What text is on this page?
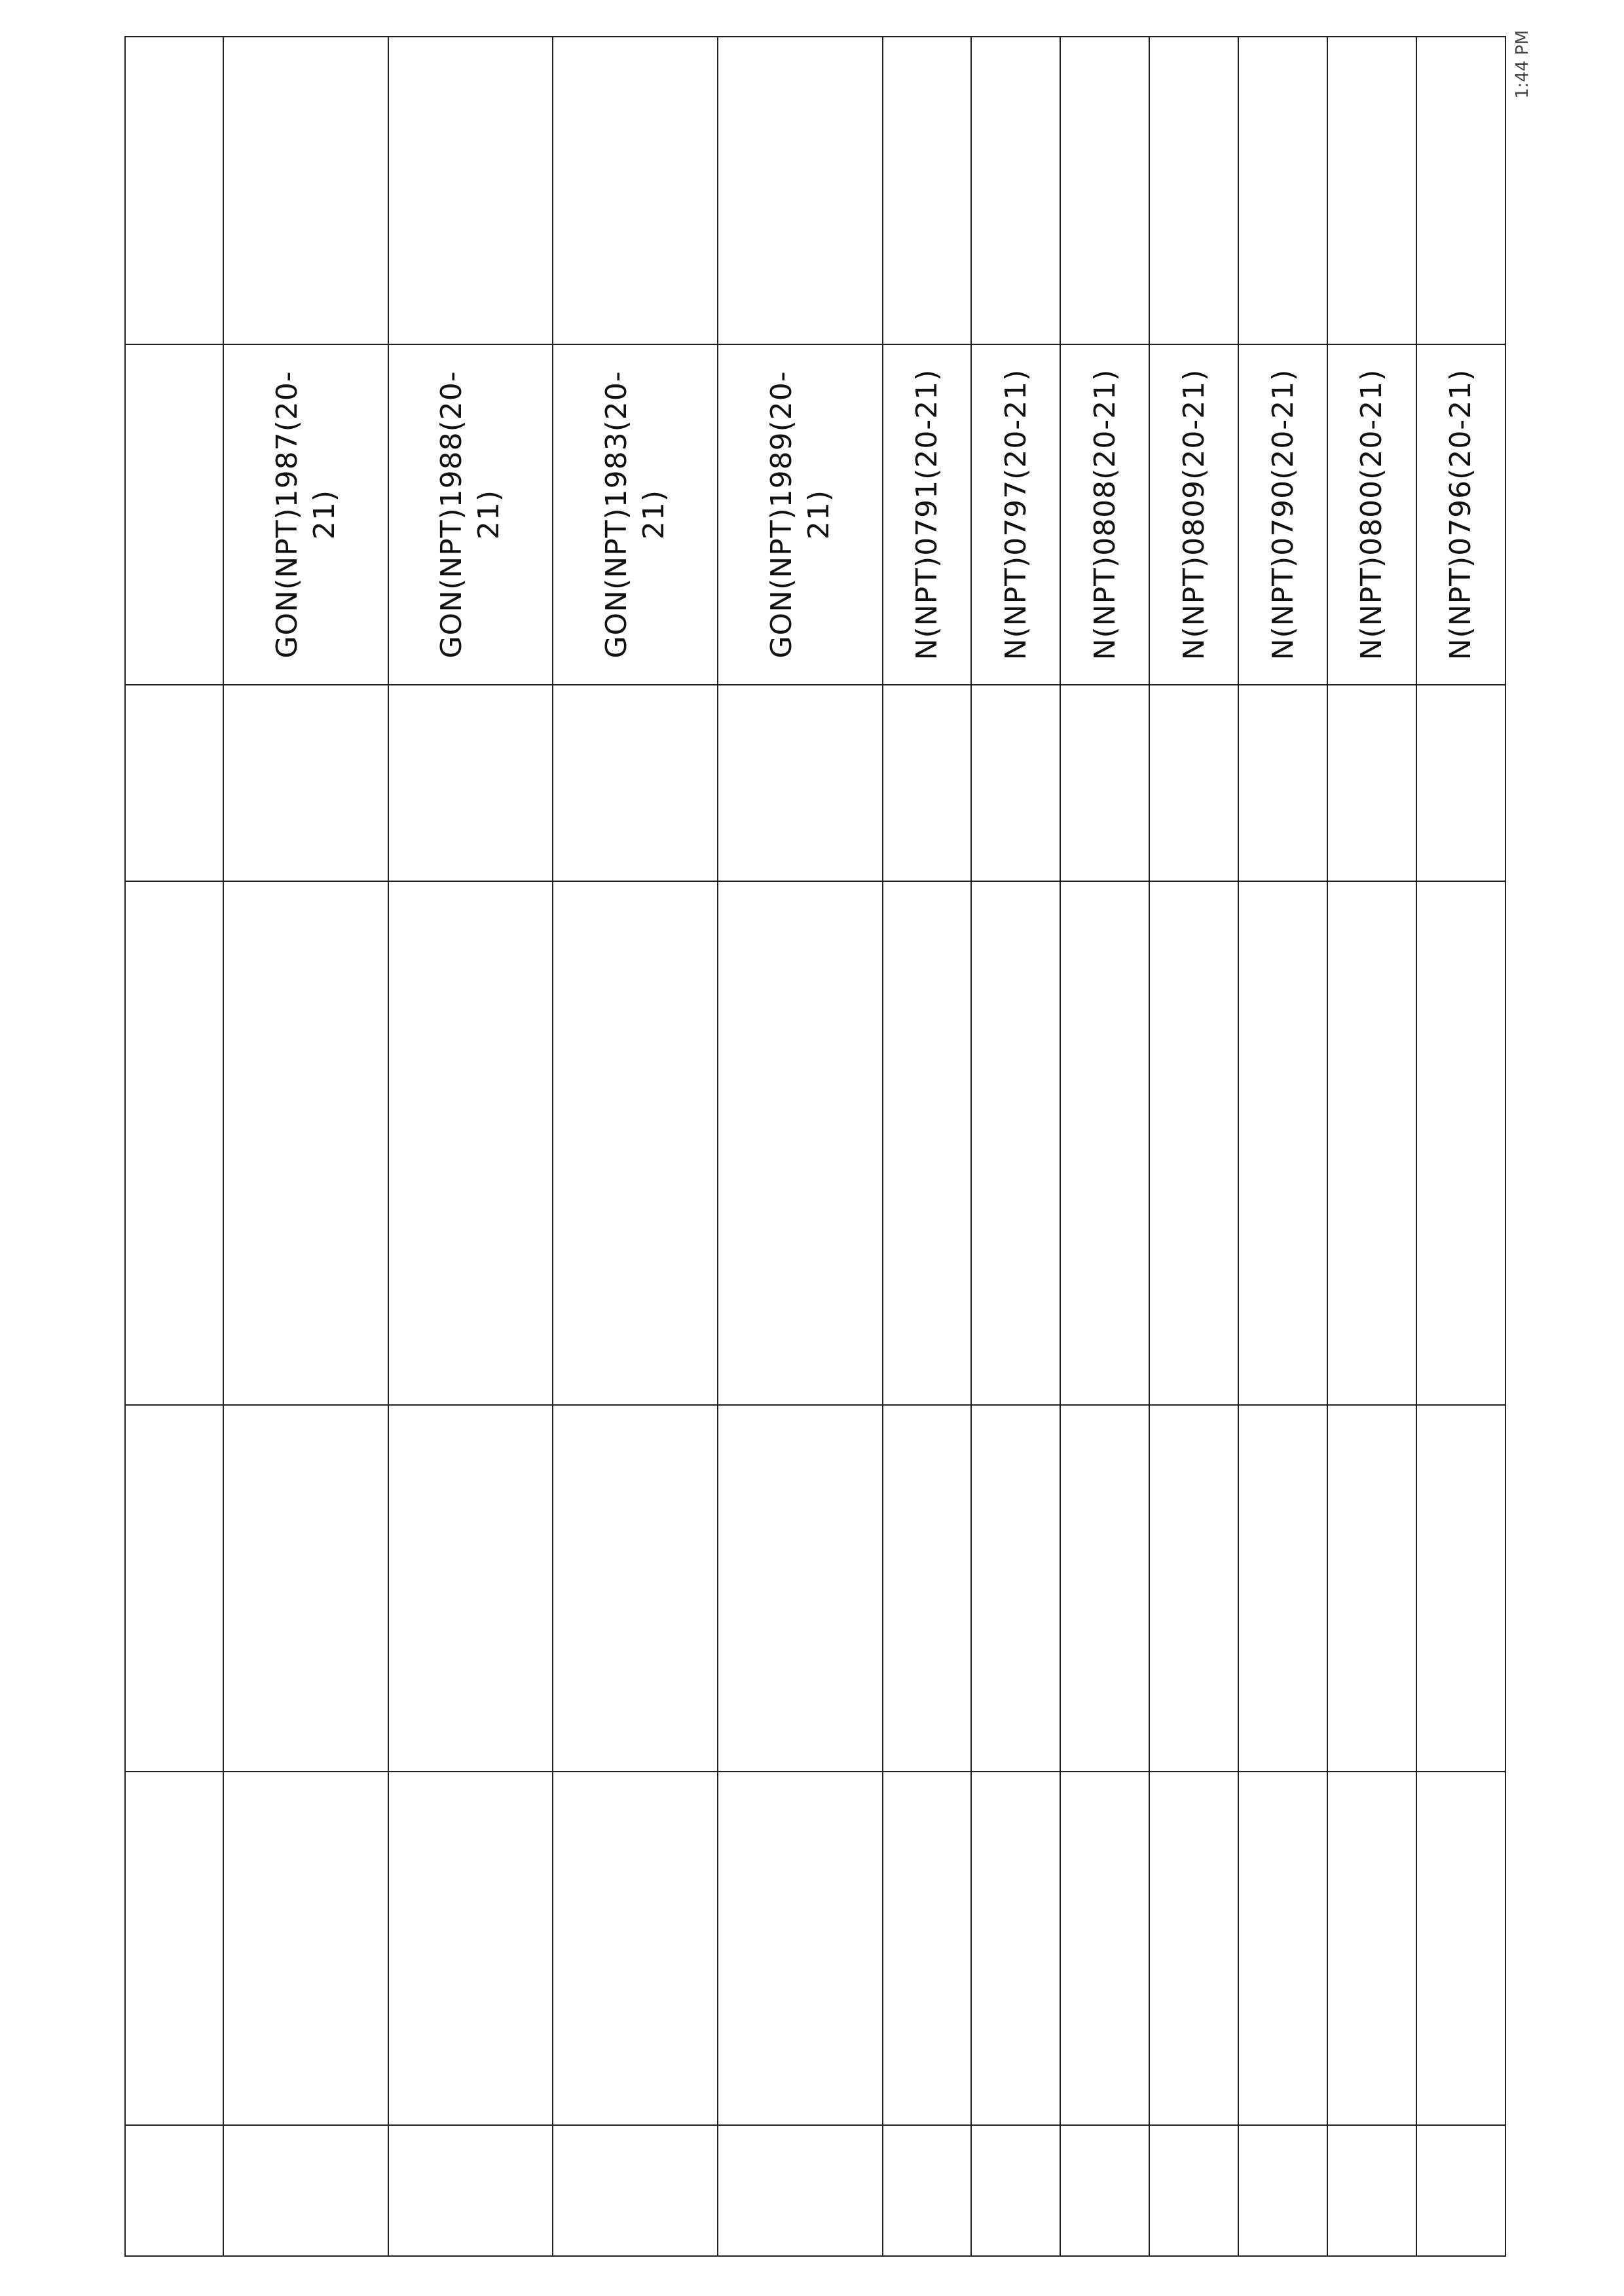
					GON(NPT)1987(20-21)	
					GON(NPT)1988(20-21)	
					GON(NPT)1983(20-21)	
					GON(NPT)1989(20-21)	
					N(NPT)0791(20-21)	
					N(NPT)0797(20-21)	
					N(NPT)0808(20-21)	
					N(NPT)0809(20-21)	
					N(NPT)0790(20-21)	
					N(NPT)0800(20-21)	
					N(NPT)0796(20-21)	
1:44 PM
